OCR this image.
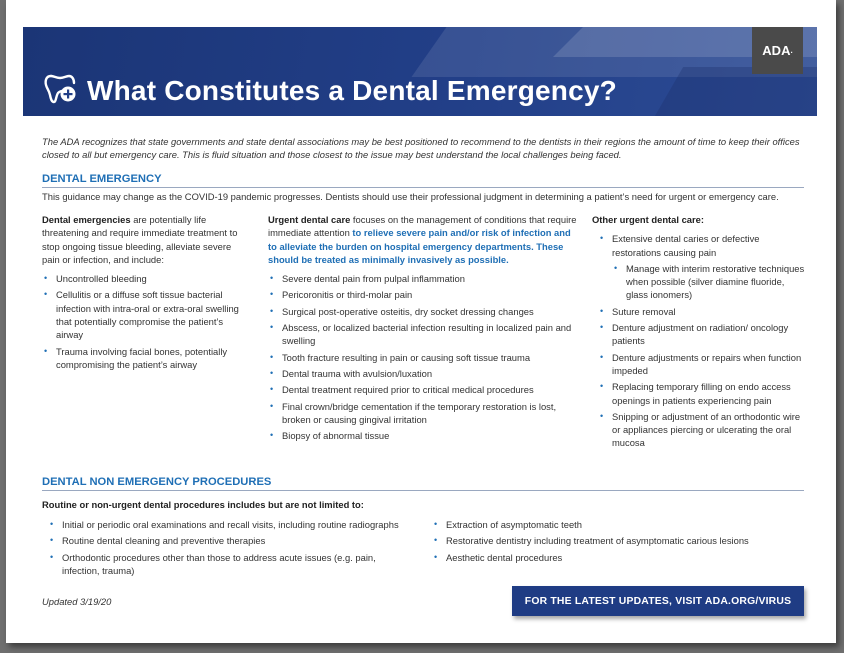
ADA .
What Constitutes a Dental Emergency?

The ADA recognizes that state governments and state dental associations may be best positioned to recommend to the dentists in their regions the amount of time to keep their offices closed to all but emergency care. This is fluid situation and those closest to the issue may best understand the local challenges being faced.

DENTAL EMERGENCY
This guidance may change as the COVID-19 pandemic progresses. Dentists should use their professional judgment in determining a patient’s need for urgent or emergency care.

Dental emergencies are potentially life threatening and require immediate treatment to stop ongoing tissue bleeding, alleviate severe pain or infection, and include:

• Uncontrolled bleeding
• Cellulitis or a diffuse soft tissue bacterial infection with intra-oral or extra-oral swelling that potentially compromise the patient’s airway
• Trauma involving facial bones, potentially compromising the patient’s airway

Urgent dental care focuses on the management of conditions that require immediate attention to relieve severe pain and/or risk of infection and to alleviate the burden on hospital emergency departments. These should be treated as minimally invasively as possible.

• Severe dental pain from pulpal inflammation
• Pericoronitis or third-molar pain
• Surgical post-operative osteitis, dry socket dressing changes
• Abscess, or localized bacterial infection resulting in localized pain and swelling
• Tooth fracture resulting in pain or causing soft tissue trauma
• Dental trauma with avulsion/luxation
• Dental treatment required prior to critical medical procedures
• Final crown/bridge cementation if the temporary restoration is lost, broken or causing gingival irritation
• Biopsy of abnormal tissue

Other urgent dental care:

• Extensive dental caries or defective restorations causing pain
• Manage with interim restorative techniques when possible (silver diamine fluoride, glass ionomers)
• Suture removal
• Denture adjustment on radiation/ oncology patients
• Denture adjustments or repairs when function impeded
• Replacing temporary filling on endo access openings in patients experiencing pain
• Snipping or adjustment of an orthodontic wire or appliances piercing or ulcerating the oral mucosa
DENTAL NON EMERGENCY PROCEDURES

Routine or non-urgent dental procedures includes but are not limited to:

• Initial or periodic oral examinations and recall visits, including routine radiographs
• Routine dental cleaning and preventive therapies
• Orthodontic procedures other than those to address acute issues (e.g. pain, infection, trauma)
• Extraction of asymptomatic teeth
• Restorative dentistry including treatment of asymptomatic carious lesions
• Aesthetic dental procedures
Updated 3/19/20	FOR THE LATEST UPDATES, VISIT ADA.ORG/VIRUS
